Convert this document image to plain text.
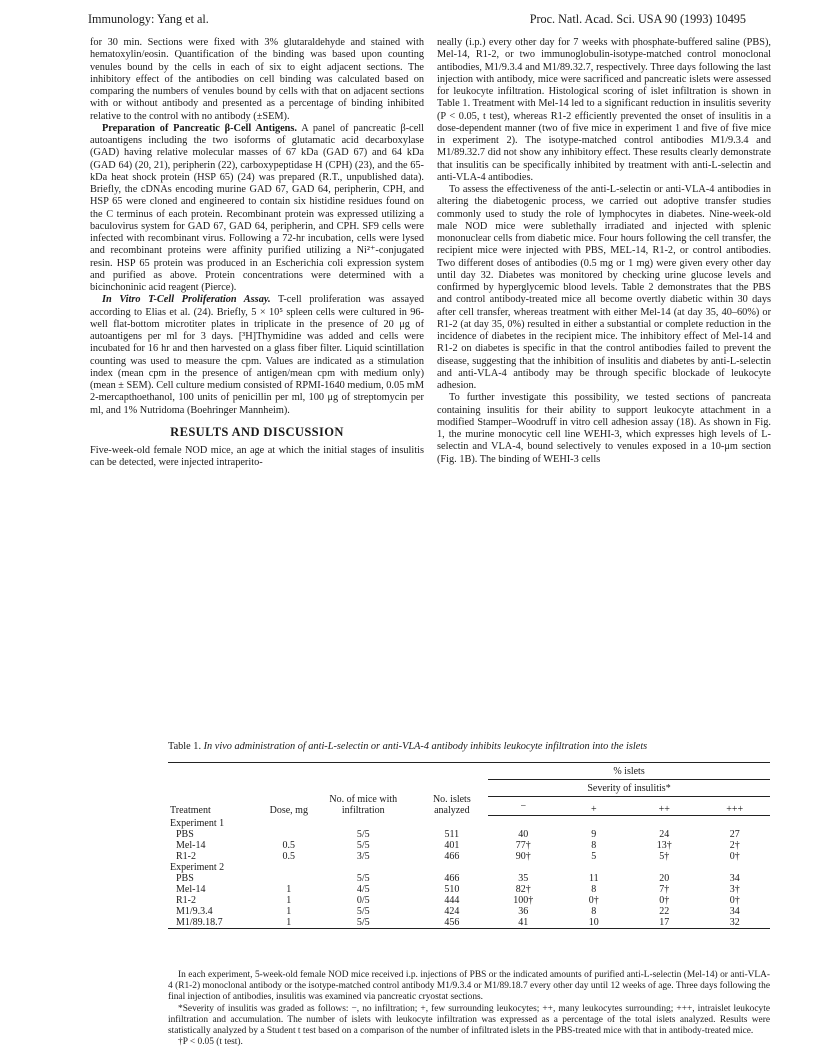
Immunology: Yang et al.	Proc. Natl. Acad. Sci. USA 90 (1993) 10495

for 30 min. Sections were fixed with 3% glutaraldehyde and stained with hematoxylin/eosin. Quantification of the binding was based upon counting venules bound by the cells in each of six to eight adjacent sections. The inhibitory effect of the antibodies on cell binding was calculated based on comparing the numbers of venules bound by cells with that on adjacent sections with or without antibody and presented as a percentage of binding inhibited relative to the control with no antibody (±SEM).

Preparation of Pancreatic β-Cell Antigens. A panel of pancreatic β-cell autoantigens including the two isoforms of glutamatic acid decarboxylase (GAD) having relative molecular masses of 67 kDa (GAD 67) and 64 kDa (GAD 64) (20, 21), peripherin (22), carboxypeptidase H (CPH) (23), and the 65-kDa heat shock protein (HSP 65) (24) was prepared (R.T., unpublished data). Briefly, the cDNAs encoding murine GAD 67, GAD 64, peripherin, CPH, and HSP 65 were cloned and engineered to contain six histidine residues found on the C terminus of each protein. Recombinant protein was expressed utilizing a baculovirus system for GAD 67, GAD 64, peripherin, and CPH. SF9 cells were infected with recombinant virus. Following a 72-hr incubation, cells were lysed and recombinant proteins were affinity purified utilizing a Ni²⁺-conjugated resin. HSP 65 protein was produced in an Escherichia coli expression system and purified as above. Protein concentrations were determined with a bicinchoninic acid reagent (Pierce).

In Vitro T-Cell Proliferation Assay. T-cell proliferation was assayed according to Elias et al. (24). Briefly, 5 × 10⁵ spleen cells were cultured in 96-well flat-bottom microtiter plates in triplicate in the presence of 20 μg of autoantigens per ml for 3 days. [³H]Thymidine was added and cells were incubated for 16 hr and then harvested on a glass fiber filter. Liquid scintillation counting was used to measure the cpm. Values are indicated as a stimulation index (mean cpm in the presence of antigen/mean cpm with medium only) (mean ± SEM). Cell culture medium consisted of RPMI-1640 medium, 0.05 mM 2-mercapthoethanol, 100 units of penicillin per ml, 100 μg of streptomycin per ml, and 1% Nutridoma (Boehringer Mannheim).

RESULTS AND DISCUSSION

Five-week-old female NOD mice, an age at which the initial stages of insulitis can be detected, were injected intraperito-

neally (i.p.) every other day for 7 weeks with phosphate-buffered saline (PBS), Mel-14, R1-2, or two immunoglobulin-isotype-matched control monoclonal antibodies, M1/9.3.4 and M1/89.32.7, respectively. Three days following the last injection with antibody, mice were sacrificed and pancreatic islets were assessed for leukocyte infiltration. Histological scoring of islet infiltration is shown in Table 1. Treatment with Mel-14 led to a significant reduction in insulitis severity (P < 0.05, t test), whereas R1-2 efficiently prevented the onset of insulitis in a dose-dependent manner (two of five mice in experiment 1 and five of five mice in experiment 2). The isotype-matched control antibodies M1/9.3.4 and M1/89.32.7 did not show any inhibitory effect. These results clearly demonstrate that insulitis can be specifically inhibited by treatment with anti-L-selectin and anti-VLA-4 antibodies.

To assess the effectiveness of the anti-L-selectin or anti-VLA-4 antibodies in altering the diabetogenic process, we carried out adoptive transfer studies commonly used to study the role of lymphocytes in diabetes. Nine-week-old male NOD mice were sublethally irradiated and injected with splenic mononuclear cells from diabetic mice. Four hours following the cell transfer, the recipient mice were injected with PBS, MEL-14, R1-2, or control antibodies. Two different doses of antibodies (0.5 mg or 1 mg) were given every other day until day 32. Diabetes was monitored by checking urine glucose levels and confirmed by hyperglycemic blood levels. Table 2 demonstrates that the PBS and control antibody-treated mice all become overtly diabetic within 30 days after cell transfer, whereas treatment with either Mel-14 (at day 35, 40–60%) or R1-2 (at day 35, 0%) resulted in either a substantial or complete reduction in the incidence of diabetes in the recipient mice. The inhibitory effect of Mel-14 and R1-2 on diabetes is specific in that the control antibodies failed to prevent the disease, suggesting that the inhibition of insulitis and diabetes by anti-L-selectin and anti-VLA-4 antibody may be through specific blockade of leukocyte adhesion.

To further investigate this possibility, we tested sections of pancreata containing insulitis for their ability to support leukocyte attachment in a modified Stamper–Woodruff in vitro cell adhesion assay (18). As shown in Fig. 1, the murine monocytic cell line WEHI-3, which expresses high levels of L-selectin and VLA-4, bound selectively to venules exposed in a 10-μm section (Fig. 1B). The binding of WEHI-3 cells

Table 1. In vivo administration of anti-L-selectin or anti-VLA-4 antibody inhibits leukocyte infiltration into the islets
Treatment	Dose, mg	No. of mice with infiltration	No. islets analyzed	% islets			
				Severity of insulitis*			
				−	+	++	+++
Experiment 1							
PBS		5/5	511	40	9	24	27
Mel-14	0.5	5/5	401	77†	8	13†	2†
R1-2	0.5	3/5	466	90†	5	5†	0†
Experiment 2							
PBS		5/5	466	35	11	20	34
Mel-14	1	4/5	510	82†	8	7†	3†
R1-2	1	0/5	444	100†	0†	0†	0†
M1/9.3.4	1	5/5	424	36	8	22	34
M1/89.18.7	1	5/5	456	41	10	17	32

In each experiment, 5-week-old female NOD mice received i.p. injections of PBS or the indicated amounts of purified anti-L-selectin (Mel-14) or anti-VLA-4 (R1-2) monoclonal antibody or the isotype-matched control antibody M1/9.3.4 or M1/89.18.7 every other day until 12 weeks of age. Three days following the final injection of antibodies, insulitis was examined via pancreatic cryostat sections.

*Severity of insulitis was graded as follows: −, no infiltration; +, few surrounding leukocytes; ++, many leukocytes surrounding; +++, intraislet leukocyte infiltration and accumulation. The number of islets with leukocyte infiltration was expressed as a percentage of the total islets analyzed. Results were statistically analyzed by a Student t test based on a comparison of the number of infiltrated islets in the PBS-treated mice with that in antibody-treated mice.

†P < 0.05 (t test).
